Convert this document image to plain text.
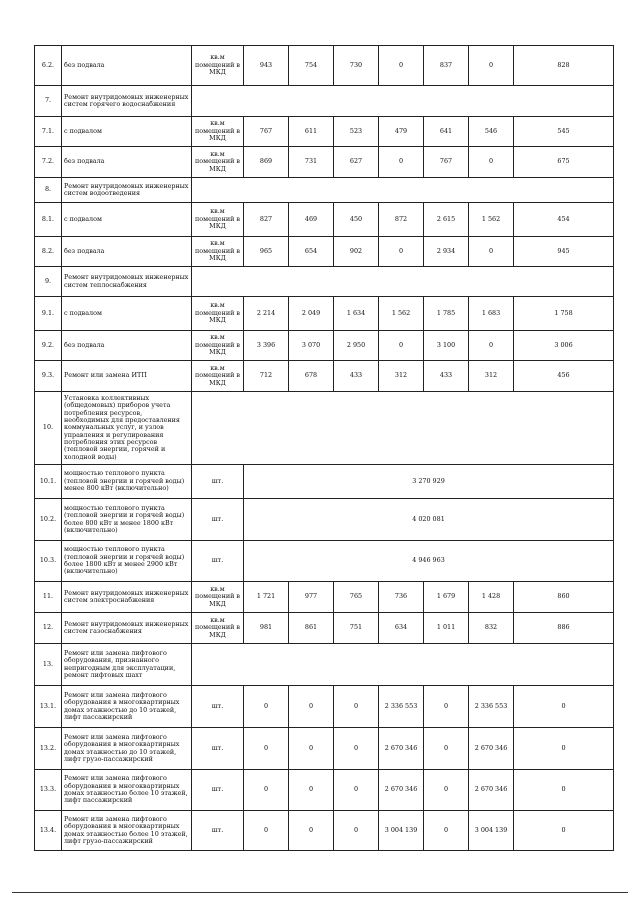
6.2.	без подвала	кв.м помещений в МКД	943	754	730	0	837	0	828
7.	Ремонт внутридомовых инженерных систем горячего водоснабжения								
7.1.	с подвалом	кв.м помещений в МКД	767	611	523	479	641	546	545
7.2.	без подвала	кв.м помещений в МКД	869	731	627	0	767	0	675
8.	Ремонт внутридомовых инженерных систем водоотведения								
8.1.	с подвалом	кв.м помещений в МКД	827	469	450	872	2 615	1 562	454
8.2.	без подвала	кв.м помещений в МКД	965	654	902	0	2 934	0	945
9.	Ремонт внутридомовых инженерных систем теплоснабжения								
9.1.	с подвалом	кв.м помещений в МКД	2 214	2 049	1 634	1 562	1 785	1 683	1 758
9.2.	без подвала	кв.м помещений в МКД	3 396	3 070	2 950	0	3 100	0	3 006
9.3.	Ремонт или замена ИТП	кв.м помещений в МКД	712	678	433	312	433	312	456
10.	Установка коллективных (общедомовых) приборов учета потребления ресурсов, необходимых для предоставления коммунальных услуг, и узлов управления и регулирования потребления этих ресурсов (тепловой энергии, горячей и холодной воды)								
10.1.	мощностью теплового пункта (тепловой энергии и горячей воды) менее 800 кВт (включительно)	шт.	3 270 929						
10.2.	мощностью теплового пункта (тепловой энергии и горячей воды) более 800 кВт и менее 1800 кВт (включительно)	шт.	4 020 081						
10.3.	мощностью теплового пункта (тепловой энергии и горячей воды) более 1800 кВт и менее 2900 кВт (включительно)	шт.	4 946 963						
11.	Ремонт внутридомовых инженерных систем электроснабжения	кв.м помещений в МКД	1 721	977	765	736	1 679	1 428	860
12.	Ремонт внутридомовых инженерных систем газоснабжения	кв.м помещений в МКД	981	861	751	634	1 011	832	886
13.	Ремонт или замена лифтового оборудования, признанного непригодным для эксплуатации, ремонт лифтовых шахт								
13.1.	Ремонт или замена лифтового оборудования в многоквартирных домах этажностью до 10 этажей, лифт пассажирский	шт.	0	0	0	2 336 553	0	2 336 553	0
13.2.	Ремонт или замена лифтового оборудования в многоквартирных домах этажностью до 10 этажей, лифт грузо-пассажирский	шт.	0	0	0	2 670 346	0	2 670 346	0
13.3.	Ремонт или замена лифтового оборудования в многоквартирных домах этажностью более 10 этажей, лифт пассажирский	шт.	0	0	0	2 670 346	0	2 670 346	0
13.4.	Ремонт или замена лифтового оборудования в многоквартирных домах этажностью более 10 этажей, лифт грузо-пассажирский	шт.	0	0	0	3 004 139	0	3 004 139	0
